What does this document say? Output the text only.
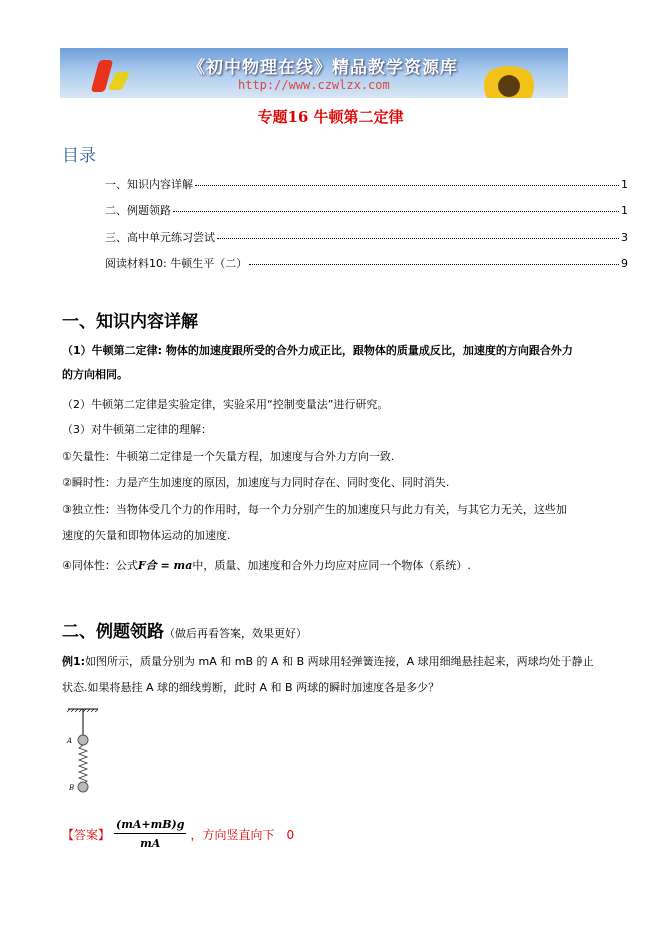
《初中物理在线》精品教学资源库
http://www.czwlzx.com
专题16 牛顿第二定律
目录
一、知识内容详解	1
二、例题领路	1
三、高中单元练习尝试	3
阅读材料10: 牛顿生平（二）	9
一、知识内容详解
（1）牛顿第二定律: 物体的加速度跟所受的合外力成正比，跟物体的质量成反比，加速度的方向跟合外力
的方向相同。
（2）牛顿第二定律是实验定律，实验采用“控制变量法”进行研究。
（3）对牛顿第二定律的理解：
①矢量性：牛顿第二定律是一个矢量方程，加速度与合外力方向一致.
②瞬时性：力是产生加速度的原因，加速度与力同时存在、同时变化、同时消失.
③独立性：当物体受几个力的作用时，每一个力分别产生的加速度只与此力有关，与其它力无关，这些加
速度的矢量和即物体运动的加速度.
④同体性：公式F合 = ma中，质量、加速度和合外力均应对应同一个物体（系统）.
二、例题领路（做后再看答案，效果更好）
例1:如图所示，质量分别为 mA 和 mB 的 A 和 B 两球用轻弹簧连接，A 球用细绳悬挂起来，两球均处于静止
状态.如果将悬挂 A 球的细线剪断，此时 A 和 B 两球的瞬时加速度各是多少？
A
B
【答案】 $\frac{(mA+mB)g}{mA}$ ，方向竖直向下　0
